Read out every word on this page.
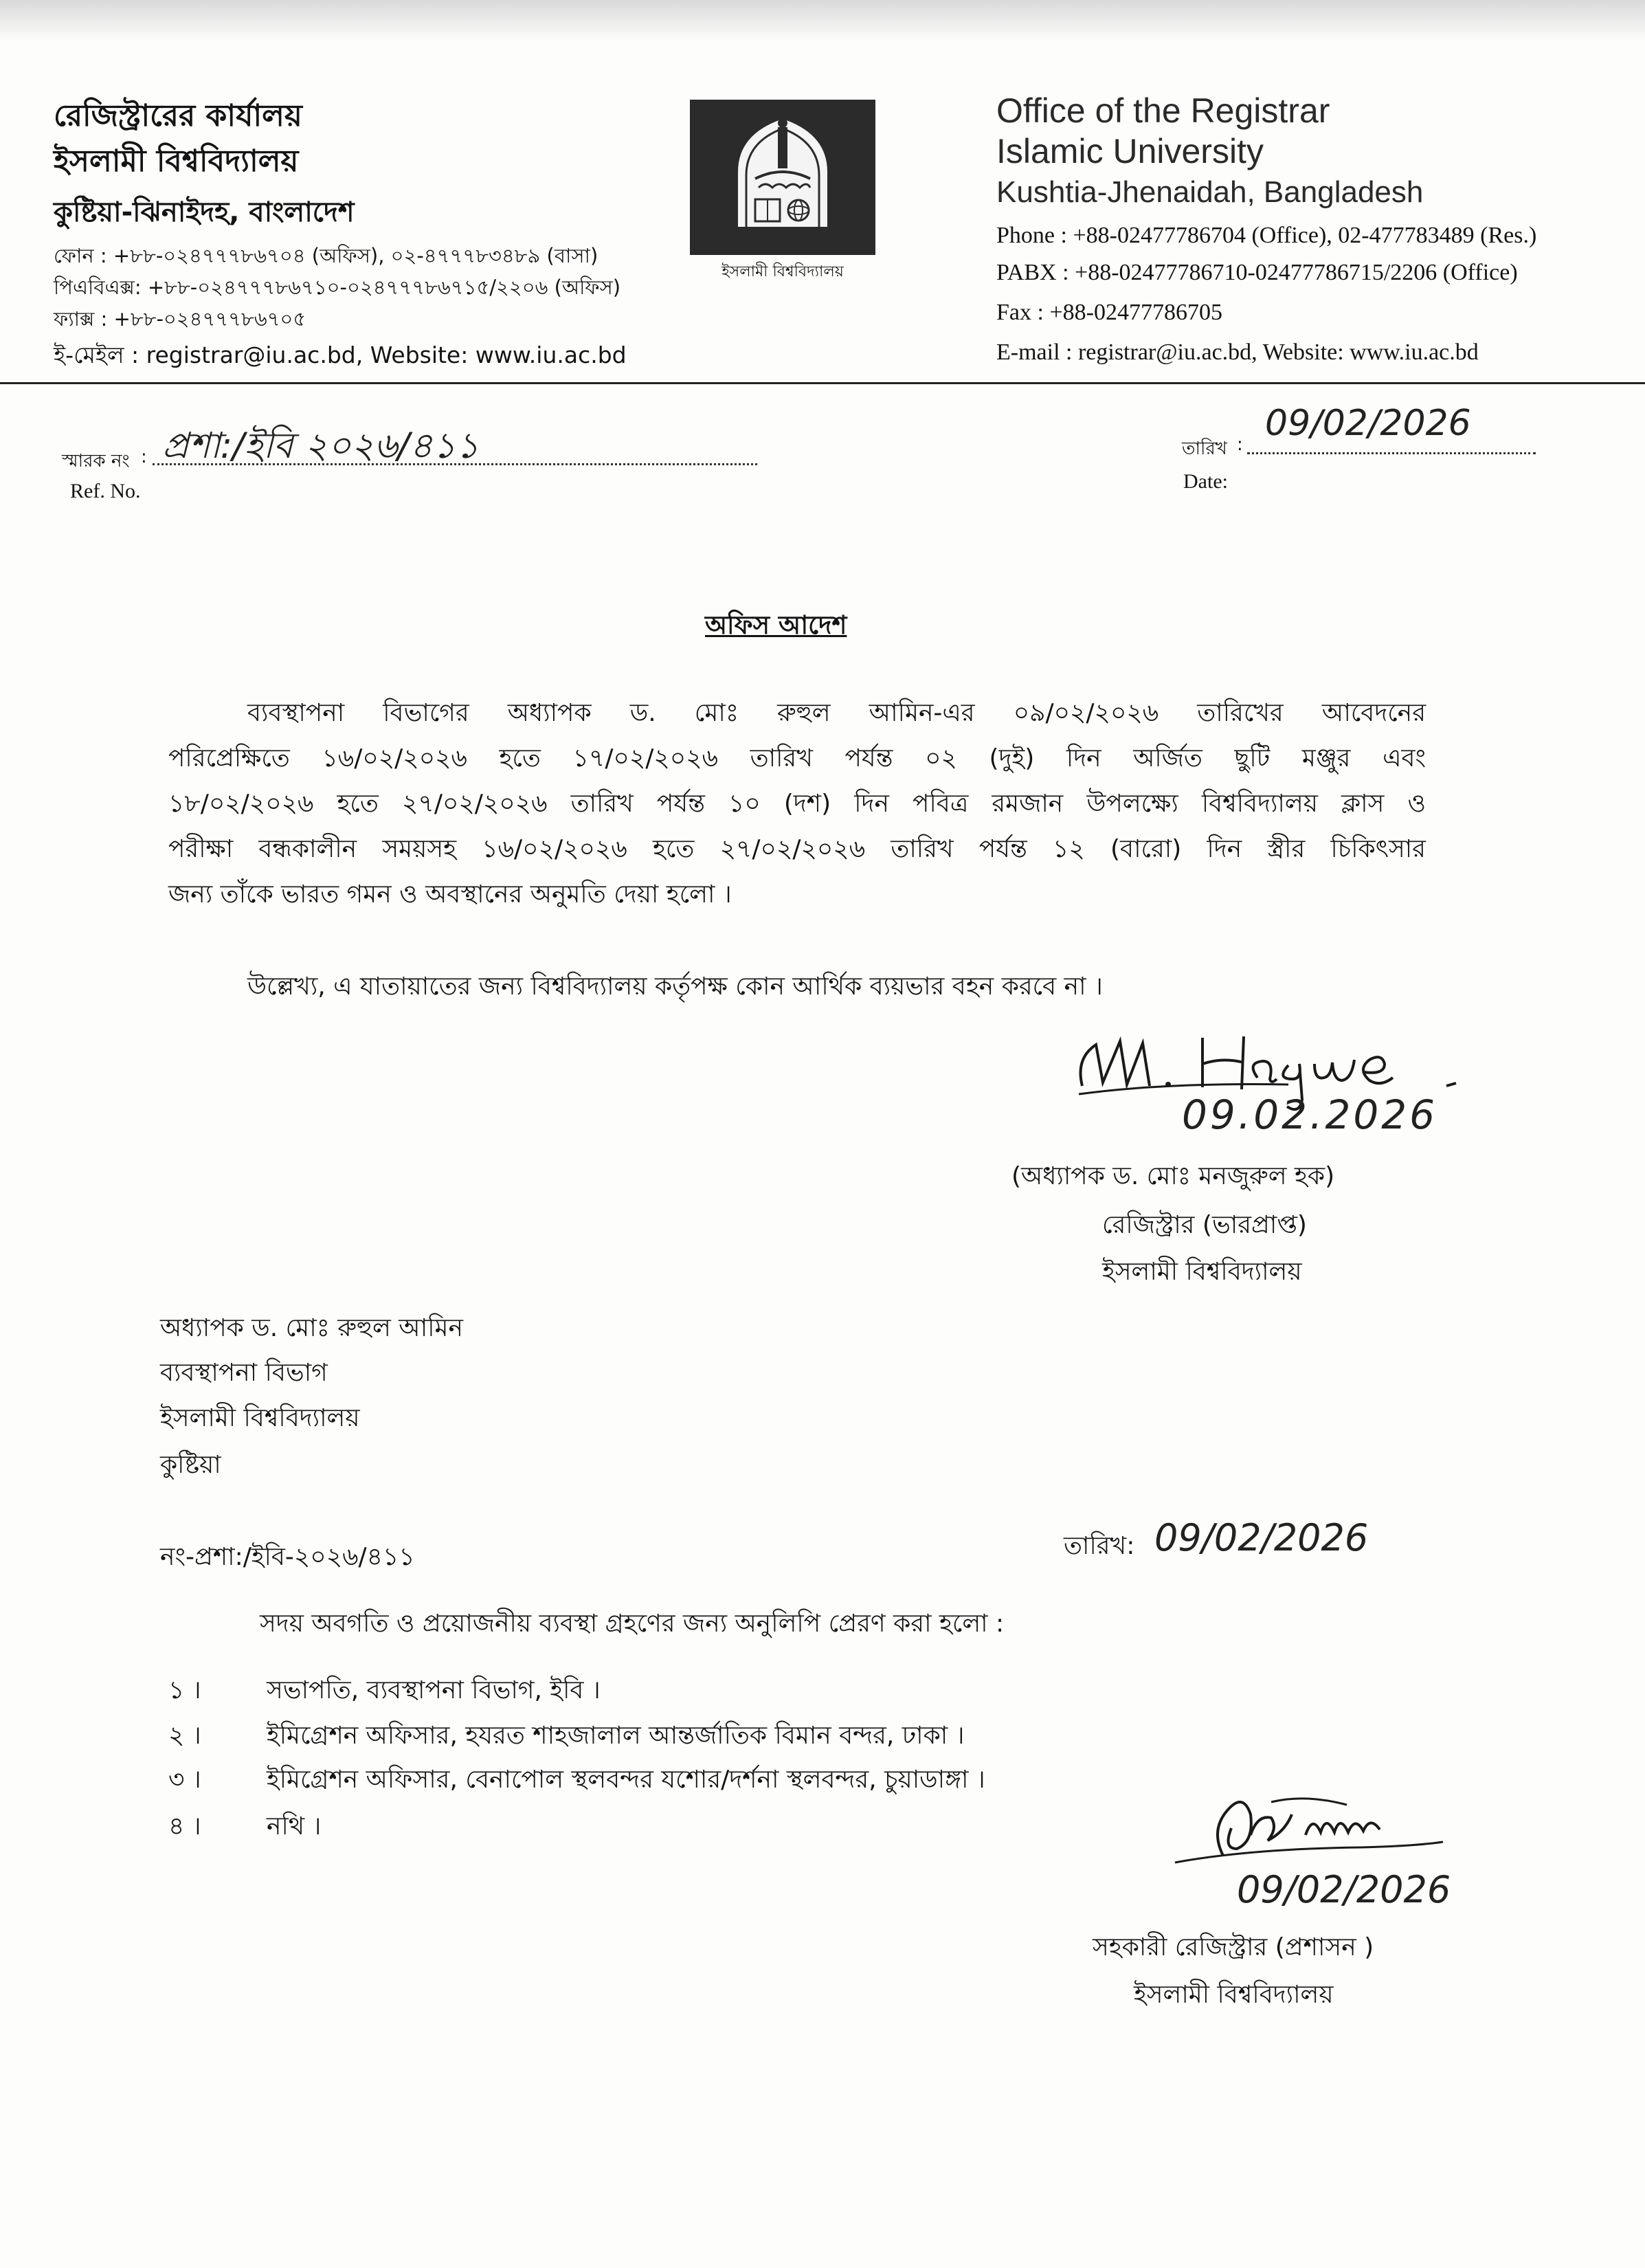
রেজিস্ট্রারের কার্যালয়
ইসলামী বিশ্ববিদ্যালয়
কুষ্টিয়া-ঝিনাইদহ, বাংলাদেশ
ফোন : +৮৮-০২৪৭৭৭৮৬৭০৪ (অফিস), ০২-৪৭৭৭৮৩৪৮৯ (বাসা)
পিএবিএক্স: +৮৮-০২৪৭৭৭৮৬৭১০-০২৪৭৭৭৮৬৭১৫/২২০৬ (অফিস)
ফ্যাক্স : +৮৮-০২৪৭৭৭৮৬৭০৫
ই-মেইল : registrar@iu.ac.bd, Website: www.iu.ac.bd
ইসলামী বিশ্ববিদ্যালয়
Office of the Registrar
Islamic University
Kushtia-Jhenaidah, Bangladesh
Phone : +88-02477786704 (Office), 02-477783489 (Res.)
PABX : +88-02477786710-02477786715/2206 (Office)
Fax : +88-02477786705
E-mail : registrar@iu.ac.bd, Website: www.iu.ac.bd
স্মারক নং : প্রশা:/ইবি ২০২৬/৪১১
Ref. No.
তারিখ :
09/02/2026
Date:
অফিস আদেশ
ব্যবস্থাপনা বিভাগের অধ্যাপক ড. মোঃ রুহুল আমিন-এর ০৯/০২/২০২৬ তারিখের আবেদনের
পরিপ্রেক্ষিতে ১৬/০২/২০২৬ হতে ১৭/০২/২০২৬ তারিখ পর্যন্ত ০২ (দুই) দিন অর্জিত ছুটি মঞ্জুর এবং
১৮/০২/২০২৬ হতে ২৭/০২/২০২৬ তারিখ পর্যন্ত ১০ (দশ) দিন পবিত্র রমজান উপলক্ষ্যে বিশ্ববিদ্যালয় ক্লাস ও
পরীক্ষা বন্ধকালীন সময়সহ ১৬/০২/২০২৬ হতে ২৭/০২/২০২৬ তারিখ পর্যন্ত ১২ (বারো) দিন স্ত্রীর চিকিৎসার
জন্য তাঁকে ভারত গমন ও অবস্থানের অনুমতি দেয়া হলো ।
উল্লেখ্য, এ যাতায়াতের জন্য বিশ্ববিদ্যালয় কর্তৃপক্ষ কোন আর্থিক ব্যয়ভার বহন করবে না ।
09.02.2026
(অধ্যাপক ড. মোঃ মনজুরুল হক)
রেজিস্ট্রার (ভারপ্রাপ্ত)
ইসলামী বিশ্ববিদ্যালয়
অধ্যাপক ড. মোঃ রুহুল আমিন
ব্যবস্থাপনা বিভাগ
ইসলামী বিশ্ববিদ্যালয়
কুষ্টিয়া
নং-প্রশা:/ইবি-২০২৬/৪১১	তারিখ: 09/02/2026
সদয় অবগতি ও প্রয়োজনীয় ব্যবস্থা গ্রহণের জন্য অনুলিপি প্রেরণ করা হলো :
১ ।	সভাপতি, ব্যবস্থাপনা বিভাগ, ইবি ।
২ ।	ইমিগ্রেশন অফিসার, হযরত শাহজালাল আন্তর্জাতিক বিমান বন্দর, ঢাকা ।
৩ ।	ইমিগ্রেশন অফিসার, বেনাপোল স্থলবন্দর যশোর/দর্শনা স্থলবন্দর, চুয়াডাঙ্গা ।
৪ ।	নথি ।
09/02/2026
সহকারী রেজিস্ট্রার (প্রশাসন )
ইসলামী বিশ্ববিদ্যালয়
